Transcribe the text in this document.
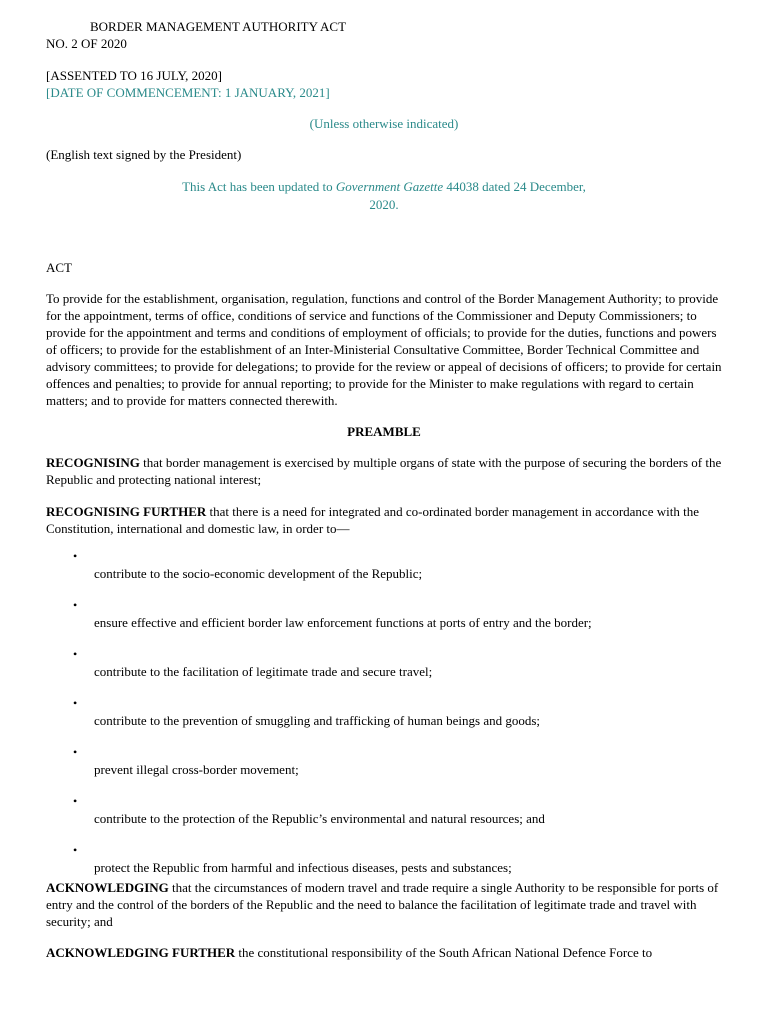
BORDER MANAGEMENT AUTHORITY ACT
NO. 2 OF 2020
[ASSENTED TO 16 JULY, 2020]
[DATE OF COMMENCEMENT: 1 JANUARY, 2021]
(Unless otherwise indicated)
(English text signed by the President)
This Act has been updated to Government Gazette 44038 dated 24 December,
2020.
ACT

To provide for the establishment, organisation, regulation, functions and control of the Border Management Authority; to provide for the appointment, terms of office, conditions of service and functions of the Commissioner and Deputy Commissioners; to provide for the appointment and terms and conditions of employment of officials; to provide for the duties, functions and powers of officers; to provide for the establishment of an Inter-Ministerial Consultative Committee, Border Technical Committee and advisory committees; to provide for delegations; to provide for the review or appeal of decisions of officers; to provide for certain offences and penalties; to provide for annual reporting; to provide for the Minister to make regulations with regard to certain matters; and to provide for matters connected therewith.

PREAMBLE

RECOGNISING that border management is exercised by multiple organs of state with the purpose of securing the borders of the Republic and protecting national interest;

RECOGNISING FURTHER that there is a need for integrated and co-ordinated border management in accordance with the Constitution, international and domestic law, in order to—

•
contribute to the socio-economic development of the Republic;
•
ensure effective and efficient border law enforcement functions at ports of entry and the border;
•
contribute to the facilitation of legitimate trade and secure travel;
•
contribute to the prevention of smuggling and trafficking of human beings and goods;
•
prevent illegal cross-border movement;
•
contribute to the protection of the Republic’s environmental and natural resources; and
•
protect the Republic from harmful and infectious diseases, pests and substances;

ACKNOWLEDGING that the circumstances of modern travel and trade require a single Authority to be responsible for ports of entry and the control of the borders of the Republic and the need to balance the facilitation of legitimate trade and travel with security; and

ACKNOWLEDGING FURTHER the constitutional responsibility of the South African National Defence Force to
